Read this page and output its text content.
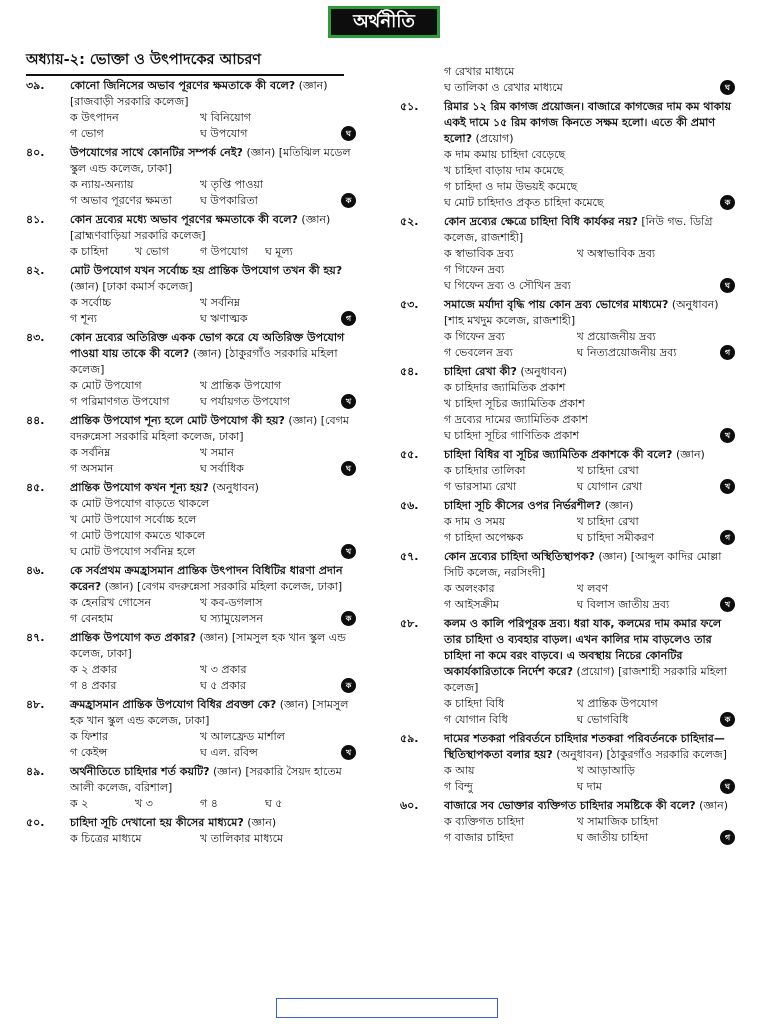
অর্থনীতি
অধ্যায়-২: ভোক্তা ও উৎপাদকের আচরণ
৩৯. কোনো জিনিসের অভাব পূরণের ক্ষমতাকে কী বলে? (জ্ঞান) [রাজবাড়ী সরকারি কলেজ]
ক উৎপাদন	খ বিনিয়োগ
গ ভোগ	ঘ উপযোগ	ঘ
৪০. উপযোগের সাথে কোনটির সম্পর্ক নেই? (জ্ঞান) [মতিঝিল মডেল স্কুল এন্ড কলেজ, ঢাকা]
ক ন্যায়-অন্যায়	খ তৃপ্তি পাওয়া
গ অভাব পূরণের ক্ষমতা	ঘ উপকারিতা	ক
৪১. কোন দ্রব্যের মধ্যে অভাব পূরণের ক্ষমতাকে কী বলে? (জ্ঞান) [ব্রাহ্মণবাড়িয়া সরকারি কলেজ]
ক চাহিদা	খ ভোগ	গ উপযোগ	ঘ মূল্য
৪২. মোট উপযোগ যখন সর্বোচ্চ হয় প্রান্তিক উপযোগ তখন কী হয়? (জ্ঞান) [ঢাকা কমার্স কলেজ]
ক সর্বোচ্চ	খ সর্বনিম্ন
গ শূন্য	ঘ ঋণাত্মক	গ
৪৩. কোন দ্রব্যের অতিরিক্ত একক ভোগ করে যে অতিরিক্ত উপযোগ পাওয়া যায় তাকে কী বলে? (জ্ঞান) [ঠাকুরগাঁও সরকারি মহিলা কলেজ]
ক মোট উপযোগ	খ প্রান্তিক উপযোগ
গ পরিমাণগত উপযোগ	ঘ পর্যায়গত উপযোগ	খ
৪৪. প্রান্তিক উপযোগ শূন্য হলে মোট উপযোগ কী হয়? (জ্ঞান) [বেগম বদরুন্নেসা সরকারি মহিলা কলেজ, ঢাকা]
ক সর্বনিম্ন	খ সমান
গ অসমান	ঘ সর্বাধিক	ঘ
৪৫. প্রান্তিক উপযোগ কখন শূন্য হয়? (অনুধাবন)
ক মোট উপযোগ বাড়তে থাকলে
খ মোট উপযোগ সর্বোচ্চ হলে
গ মোট উপযোগ কমতে থাকলে
ঘ মোট উপযোগ সর্বনিম্ন হলে	খ
৪৬. কে সর্বপ্রথম ক্রমহ্রাসমান প্রান্তিক উৎপাদন বিধিটির ধারণা প্রদান করেন? (জ্ঞান) [বেগম বদরুন্নেসা সরকারি মহিলা কলেজ, ঢাকা]
ক হেনরিখ গোসেন	খ কব-ডগলাস
গ বেনহাম	ঘ স্যামুয়েলসন	ক
৪৭. প্রান্তিক উপযোগ কত প্রকার? (জ্ঞান) [সামসুল হক খান স্কুল এন্ড কলেজ, ঢাকা]
ক ২ প্রকার	খ ৩ প্রকার
গ ৪ প্রকার	ঘ ৫ প্রকার	ক
৪৮. ক্রমহ্রাসমান প্রান্তিক উপযোগ বিধির প্রবক্তা কে? (জ্ঞান) [সামসুল হক খান স্কুল এন্ড কলেজ, ঢাকা]
ক ফিশার	খ আলফ্রেড মার্শাল
গ কেইন্স	ঘ এল. রবিন্স	খ
৪৯. অর্থনীতিতে চাহিদার শর্ত কয়টি? (জ্ঞান) [সরকারি সৈয়দ হাতেম আলী কলেজ, বরিশাল]
ক ২	খ ৩	গ ৪	ঘ ৫
৫০. চাহিদা সূচি দেখানো হয় কীসের মাধ্যমে? (জ্ঞান)
ক চিত্রের মাধ্যমে	খ তালিকার মাধ্যমে
গ রেখার মাধ্যমে
ঘ তালিকা ও রেখার মাধ্যমে	ঘ
৫১. রিমার ১২ রিম কাগজ প্রয়োজন। বাজারে কাগজের দাম কম থাকায় একই দামে ১৫ রিম কাগজ কিনতে সক্ষম হলো। এতে কী প্রমাণ হলো? (প্রয়োগ)
ক দাম কমায় চাহিদা বেড়েছে
খ চাহিদা বাড়ায় দাম কমেছে
গ চাহিদা ও দাম উভয়ই কমেছে
ঘ মোট চাহিদাও প্রকৃত চাহিদা কমেছে	ক
৫২. কোন দ্রব্যের ক্ষেত্রে চাহিদা বিধি কার্যকর নয়? [নিউ গভ. ডিগ্রি কলেজ, রাজশাহী]
ক স্বাভাবিক দ্রব্য	খ অস্বাভাবিক দ্রব্য
গ গিফেন দ্রব্য
ঘ গিফেন দ্রব্য ও সৌখিন দ্রব্য	ঘ
৫৩. সমাজে মর্যাদা বৃদ্ধি পায় কোন দ্রব্য ভোগের মাধ্যমে? (অনুধাবন) [শাহ মখদুম কলেজ, রাজশাহী]
ক গিফেন দ্রব্য	খ প্রয়োজনীয় দ্রব্য
গ ভেবলেন দ্রব্য	ঘ নিত্যপ্রয়োজনীয় দ্রব্য	গ
৫৪. চাহিদা রেখা কী? (অনুধাবন)
ক চাহিদার জ্যামিতিক প্রকাশ
খ চাহিদা সূচির জ্যামিতিক প্রকাশ
গ দ্রব্যের দামের জ্যামিতিক প্রকাশ
ঘ চাহিদা সূচির গাণিতিক প্রকাশ	খ
৫৫. চাহিদা বিধির বা সূচির জ্যামিতিক প্রকাশকে কী বলে? (জ্ঞান)
ক চাহিদার তালিকা	খ চাহিদা রেখা
গ ভারসাম্য রেখা	ঘ যোগান রেখা	খ
৫৬. চাহিদা সূচি কীসের ওপর নির্ভরশীল? (জ্ঞান)
ক দাম ও সময়	খ চাহিদা রেখা
গ চাহিদা অপেক্ষক	ঘ চাহিদা সমীকরণ	গ
৫৭. কোন দ্রব্যের চাহিদা অস্থিতিস্থাপক? (জ্ঞান) [আব্দুল কাদির মোল্লা সিটি কলেজ, নরসিংদী]
ক অলংকার	খ লবণ
গ আইসক্রীম	ঘ বিলাস জাতীয় দ্রব্য	খ
৫৮. কলম ও কালি পরিপূরক দ্রব্য। ধরা যাক, কলমের দাম কমার ফলে তার চাহিদা ও ব্যবহার বাড়ল। এখন কালির দাম বাড়লেও তার চাহিদা না কমে বরং বাড়বে। এ অবস্থায় নিচের কোনটির অকার্যকারিতাকে নির্দেশ করে? (প্রয়োগ) [রাজশাহী সরকারি মহিলা কলেজ]
ক চাহিদা বিধি	খ প্রান্তিক উপযোগ
গ যোগান বিধি	ঘ ভোগবিধি	ক
৫৯. দামের শতকরা পরিবর্তনে চাহিদার শতকরা পরিবর্তনকে চাহিদার—স্থিতিস্থাপকতা বলার হয়? (অনুধাবন) [ঠাকুরগাঁও সরকারি কলেজ]
ক আয়	খ আড়াআড়ি
গ বিন্দু	ঘ দাম	ঘ
৬০. বাজারে সব ভোক্তার ব্যক্তিগত চাহিদার সমষ্টিকে কী বলে? (জ্ঞান)
ক ব্যক্তিগত চাহিদা	খ সামাজিক চাহিদা
গ বাজার চাহিদা	ঘ জাতীয় চাহিদা	গ
